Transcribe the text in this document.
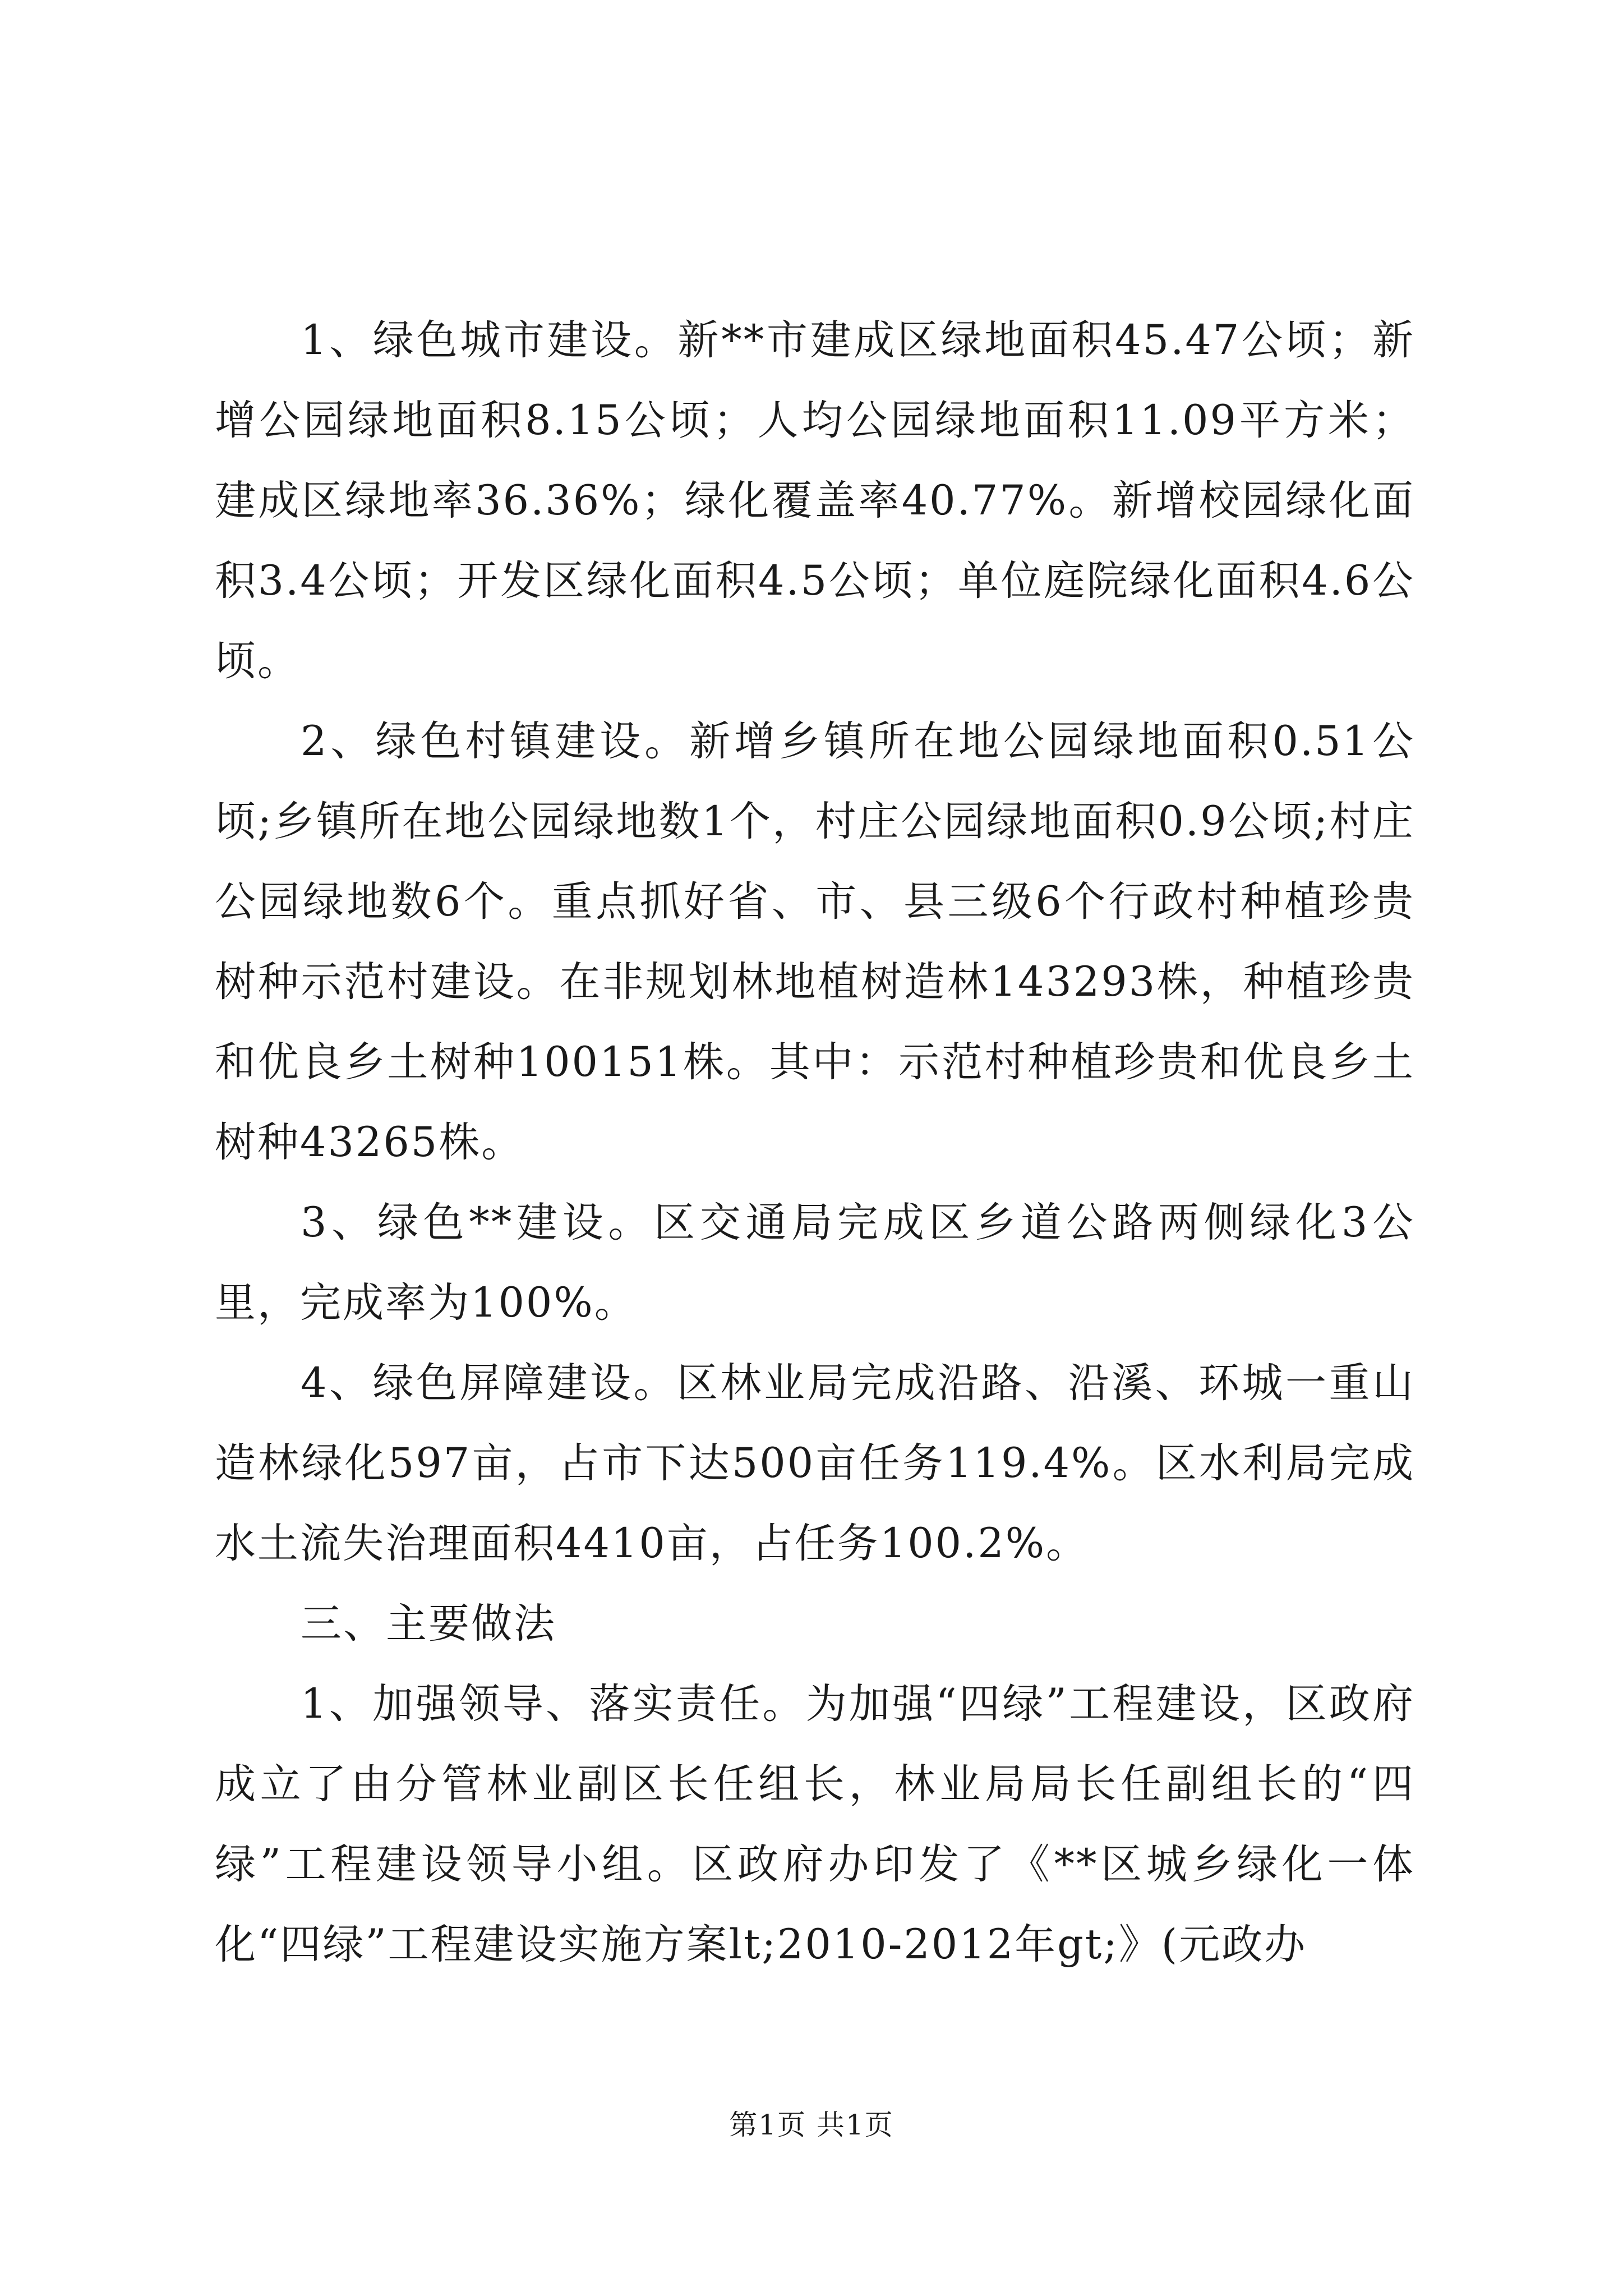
1、绿色城市建设。新**市建成区绿地面积45.47公顷；新增公园绿地面积8.15公顷；人均公园绿地面积11.09平方米；建成区绿地率36.36%；绿化覆盖率40.77%。新增校园绿化面积3.4公顷；开发区绿化面积4.5公顷；单位庭院绿化面积4.6公顷。

2、绿色村镇建设。新增乡镇所在地公园绿地面积0.51公顷;乡镇所在地公园绿地数1个，村庄公园绿地面积0.9公顷;村庄公园绿地数6个。重点抓好省、市、县三级6个行政村种植珍贵树种示范村建设。在非规划林地植树造林143293株，种植珍贵和优良乡土树种100151株。其中：示范村种植珍贵和优良乡土树种43265株。

3、绿色**建设。区交通局完成区乡道公路两侧绿化3公里，完成率为100%。

4、绿色屏障建设。区林业局完成沿路、沿溪、环城一重山造林绿化597亩，占市下达500亩任务119.4%。区水利局完成水土流失治理面积4410亩，占任务100.2%。

三、主要做法

1、加强领导、落实责任。为加强“四绿”工程建设，区政府成立了由分管林业副区长任组长，林业局局长任副组长的“四绿”工程建设领导小组。区政府办印发了《**区城乡绿化一体化“四绿”工程建设实施方案lt;2010-2012年gt;》(元政办

第1页 共1页
